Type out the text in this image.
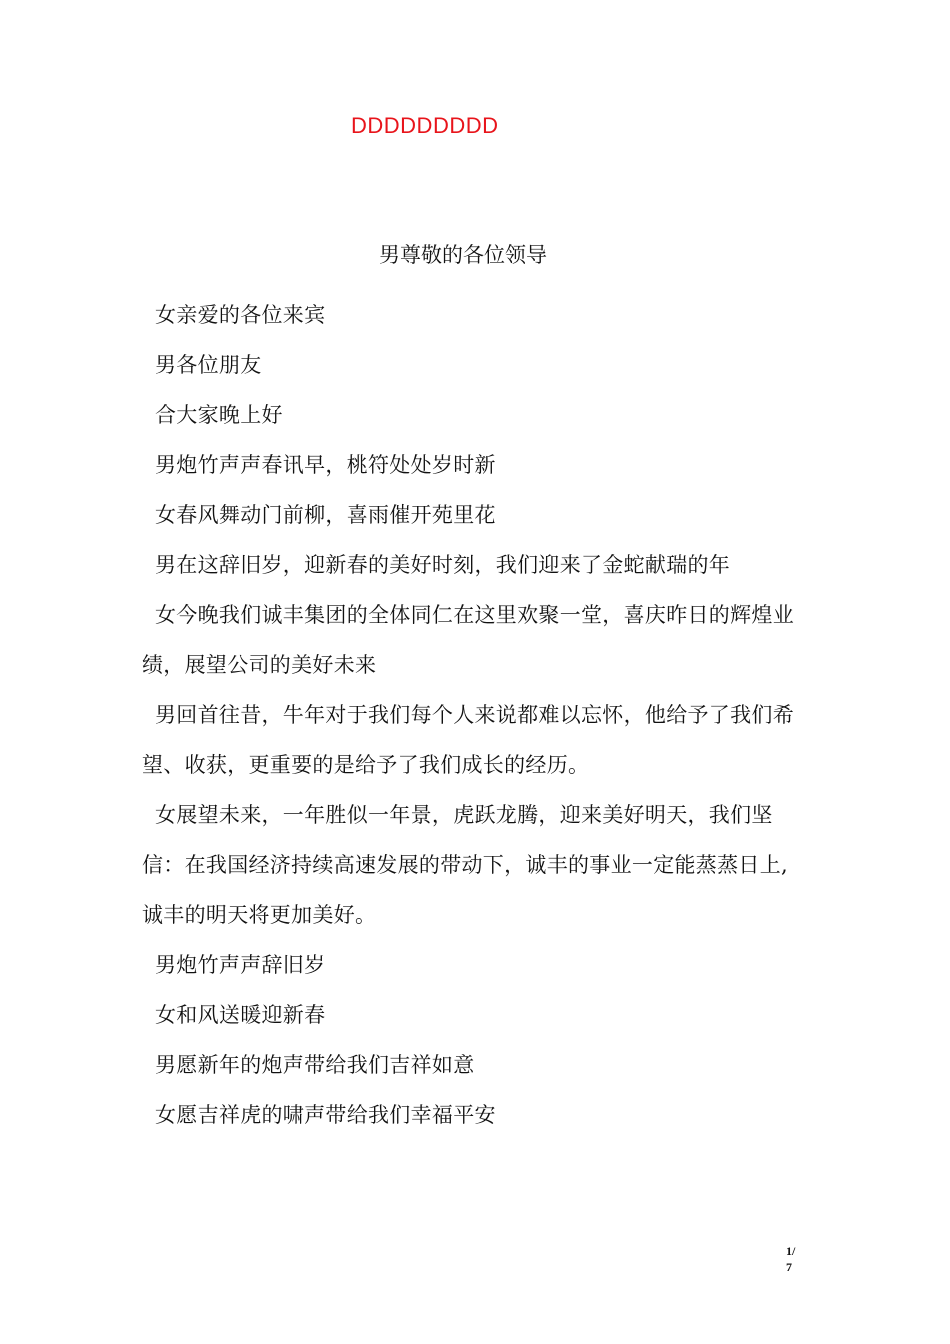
DDDDDDDDD
男尊敬的各位领导

女亲爱的各位来宾

男各位朋友

合大家晚上好

男炮竹声声春讯早，桃符处处岁时新

女春风舞动门前柳，喜雨催开苑里花

男在这辞旧岁，迎新春的美好时刻，我们迎来了金蛇献瑞的年

女今晚我们诚丰集团的全体同仁在这里欢聚一堂，喜庆昨日的辉煌业绩，展望公司的美好未来

男回首往昔，牛年对于我们每个人来说都难以忘怀，他给予了我们希望、收获，更重要的是给予了我们成长的经历。

女展望未来，一年胜似一年景，虎跃龙腾，迎来美好明天，我们坚信：在我国经济持续高速发展的带动下，诚丰的事业一定能蒸蒸日上,诚丰的明天将更加美好。

男炮竹声声辞旧岁

女和风送暖迎新春

男愿新年的炮声带给我们吉祥如意

女愿吉祥虎的啸声带给我们幸福平安

1/
7
